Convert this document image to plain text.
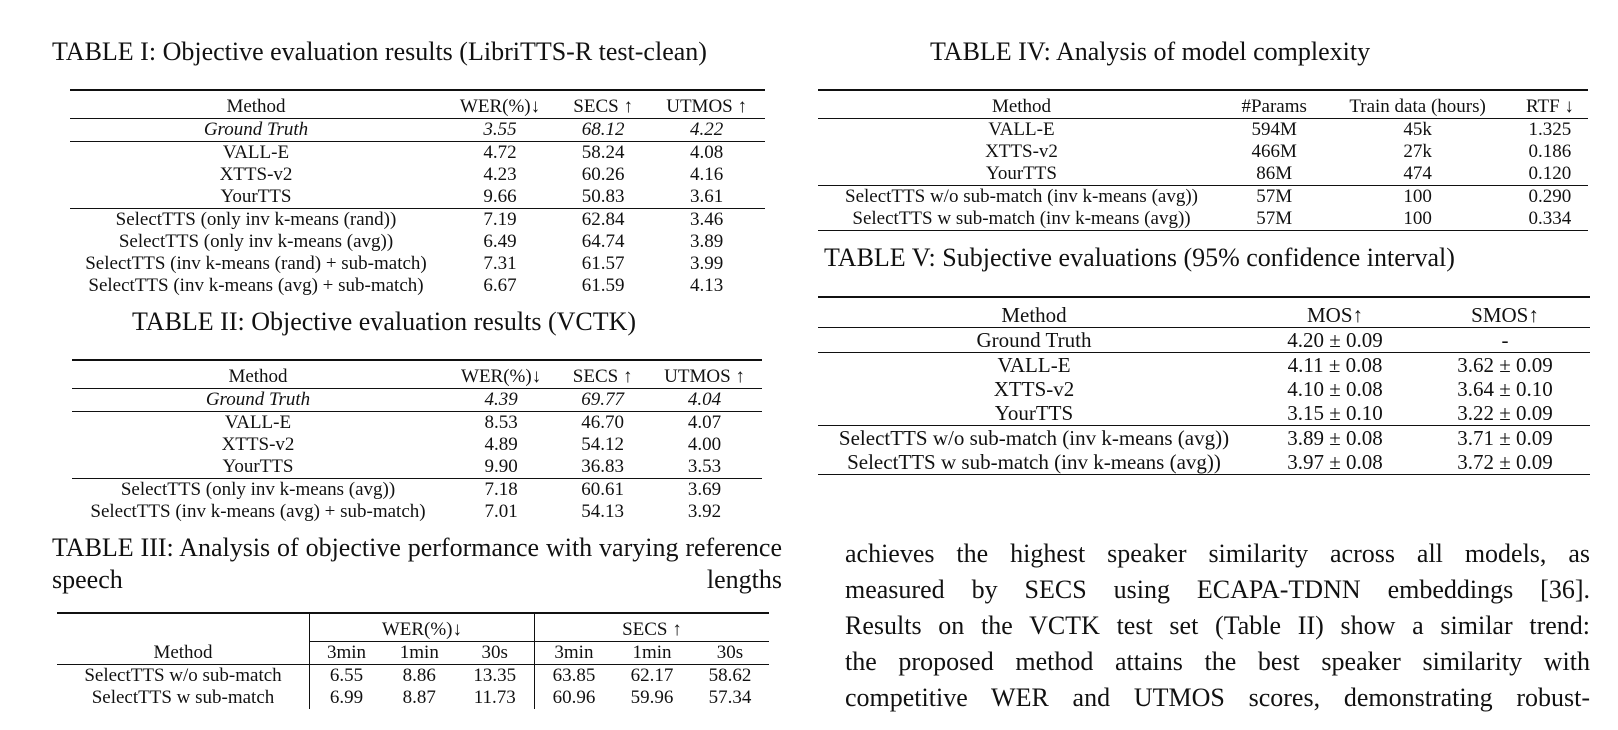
TABLE I: Objective evaluation results (LibriTTS-R test-clean)
Method	WER(%)↓	SECS ↑	UTMOS ↑
Ground Truth	3.55	68.12	4.22
VALL-E	4.72	58.24	4.08
XTTS-v2	4.23	60.26	4.16
YourTTS	9.66	50.83	3.61
SelectTTS (only inv k-means (rand))	7.19	62.84	3.46
SelectTTS (only inv k-means (avg))	6.49	64.74	3.89
SelectTTS (inv k-means (rand) + sub-match)	7.31	61.57	3.99
SelectTTS (inv k-means (avg) + sub-match)	6.67	61.59	4.13
TABLE II: Objective evaluation results (VCTK)
Method	WER(%)↓	SECS ↑	UTMOS ↑
Ground Truth	4.39	69.77	4.04
VALL-E	8.53	46.70	4.07
XTTS-v2	4.89	54.12	4.00
YourTTS	9.90	36.83	3.53
SelectTTS (only inv k-means (avg))	7.18	60.61	3.69
SelectTTS (inv k-means (avg) + sub-match)	7.01	54.13	3.92
TABLE III: Analysis of objective performance with varying reference speech lengths
	WER(%)↓			SECS ↑		
Method	3min	1min	30s	3min	1min	30s
SelectTTS w/o sub-match	6.55	8.86	13.35	63.85	62.17	58.62
SelectTTS w sub-match	6.99	8.87	11.73	60.96	59.96	57.34
TABLE IV: Analysis of model complexity
Method	#Params	Train data (hours)	RTF ↓
VALL-E	594M	45k	1.325
XTTS-v2	466M	27k	0.186
YourTTS	86M	474	0.120
SelectTTS w/o sub-match (inv k-means (avg))	57M	100	0.290
SelectTTS w sub-match (inv k-means (avg))	57M	100	0.334
TABLE V: Subjective evaluations (95% confidence interval)
Method	MOS↑	SMOS↑
Ground Truth	4.20 ± 0.09	-
VALL-E	4.11 ± 0.08	3.62 ± 0.09
XTTS-v2	4.10 ± 0.08	3.64 ± 0.10
YourTTS	3.15 ± 0.10	3.22 ± 0.09
SelectTTS w/o sub-match (inv k-means (avg))	3.89 ± 0.08	3.71 ± 0.09
SelectTTS w sub-match (inv k-means (avg))	3.97 ± 0.08	3.72 ± 0.09

achieves the highest speaker similarity across all models, as

measured by SECS using ECAPA-TDNN embeddings [36].

Results on the VCTK test set (Table II) show a similar trend:

the proposed method attains the best speaker similarity with

competitive WER and UTMOS scores, demonstrating robust-
